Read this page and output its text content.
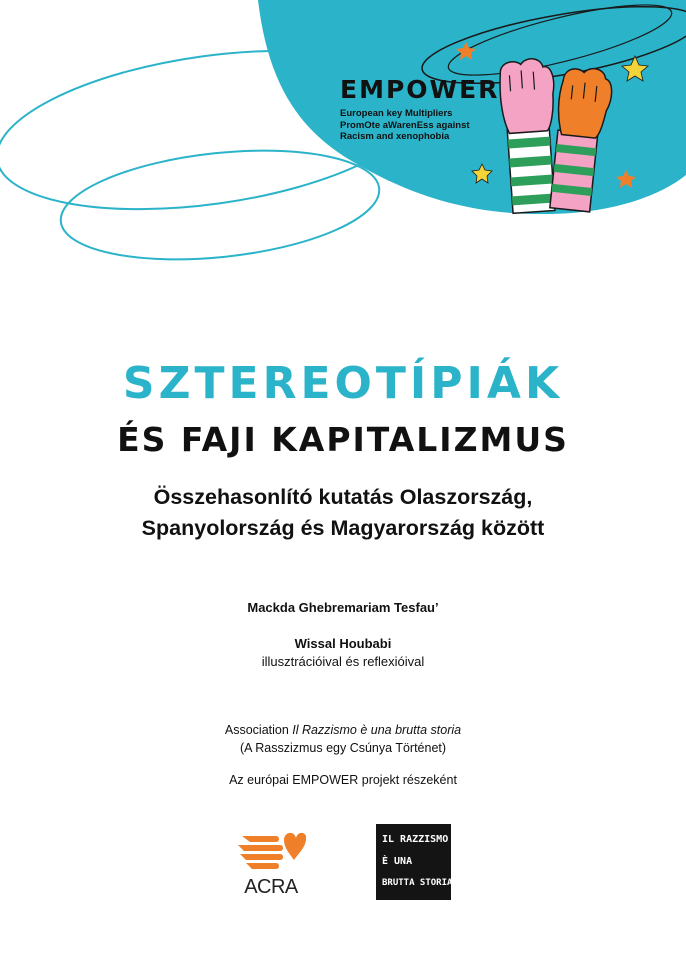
EMPOWER
European key Multipliers
PromOte aWarenEss against
Racism and xenophobia
SZTEREOTÍPIÁK
ÉS FAJI KAPITALIZMUS
Összehasonlító kutatás Olaszország,
Spanyolország és Magyarország között
Mackda Ghebremariam Tesfau’
Wissal Houbabi
illusztrációival és reflexióival
Association Il Razzismo è una brutta storia
(A Rasszizmus egy Csúnya Történet)
Az európai EMPOWER projekt részeként
ACRA
IL RAZZISMO
È UNA
BRUTTA STORIA.
